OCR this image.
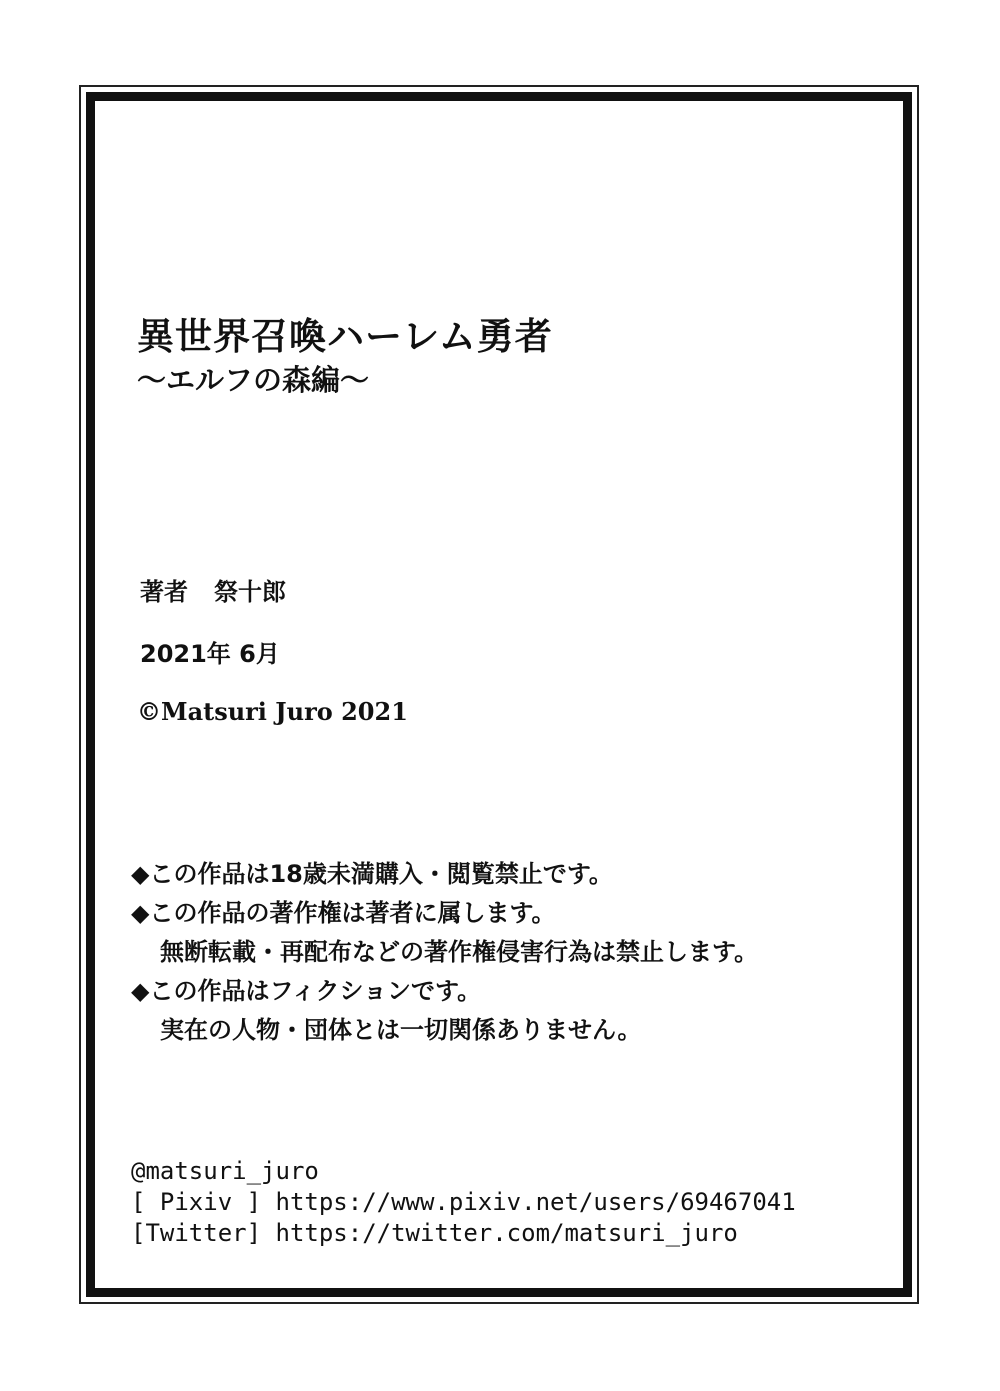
異世界召喚ハーレム勇者
～エルフの森編～
著者 祭十郎
2021年 6月
©Matsuri Juro 2021
◆この作品は18歳未満購入・閲覧禁止です。
◆この作品の著作権は著者に属します。
無断転載・再配布などの著作権侵害行為は禁止します。
◆この作品はフィクションです。
実在の人物・団体とは一切関係ありません。
@matsuri_juro
[ Pixiv ] https://www.pixiv.net/users/69467041
[Twitter] https://twitter.com/matsuri_juro
